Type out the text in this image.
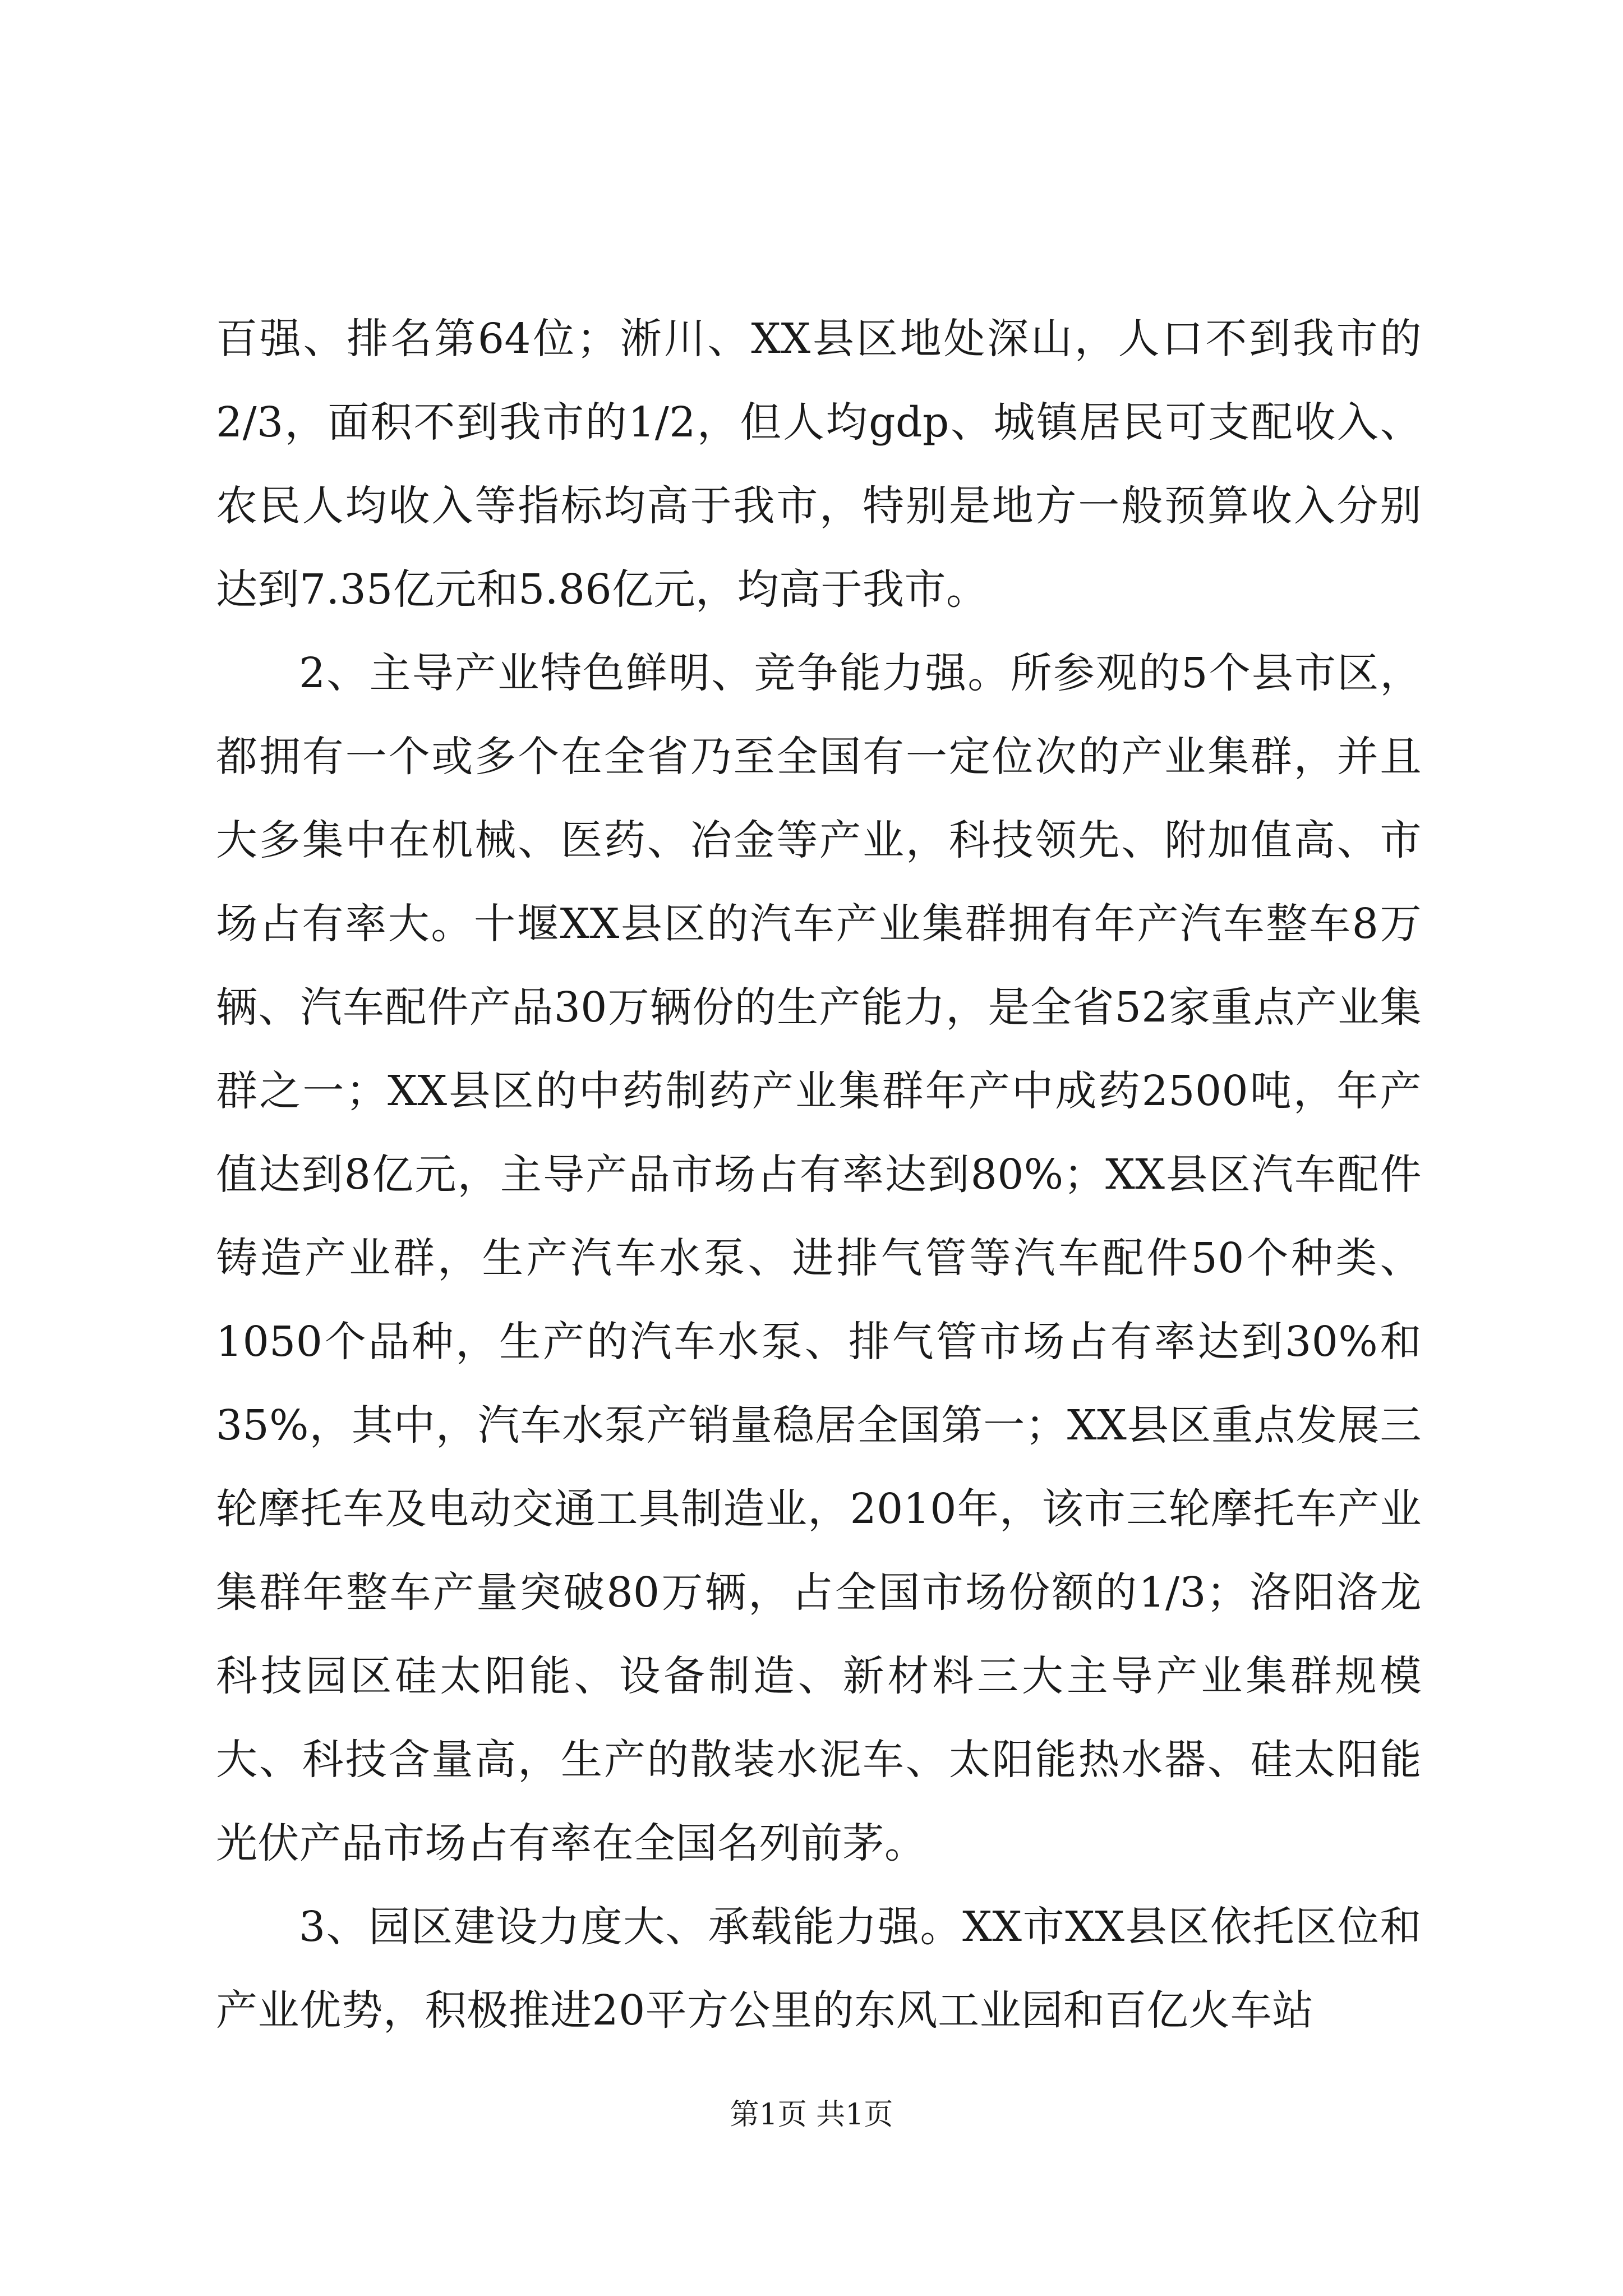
百强、排名第64位；淅川、XX县区地处深山，人口不到我市的2/3，面积不到我市的1/2，但人均gdp、城镇居民可支配收入、农民人均收入等指标均高于我市，特别是地方一般预算收入分别达到7.35亿元和5.86亿元，均高于我市。

2、主导产业特色鲜明、竞争能力强。所参观的5个县市区，都拥有一个或多个在全省乃至全国有一定位次的产业集群，并且大多集中在机械、医药、冶金等产业，科技领先、附加值高、市场占有率大。十堰XX县区的汽车产业集群拥有年产汽车整车8万辆、汽车配件产品30万辆份的生产能力，是全省52家重点产业集群之一；XX县区的中药制药产业集群年产中成药2500吨，年产值达到8亿元，主导产品市场占有率达到80%；XX县区汽车配件铸造产业群，生产汽车水泵、进排气管等汽车配件50个种类、1050个品种，生产的汽车水泵、排气管市场占有率达到30%和35%，其中，汽车水泵产销量稳居全国第一；XX县区重点发展三轮摩托车及电动交通工具制造业，2010年，该市三轮摩托车产业集群年整车产量突破80万辆，占全国市场份额的1/3；洛阳洛龙科技园区硅太阳能、设备制造、新材料三大主导产业集群规模大、科技含量高，生产的散装水泥车、太阳能热水器、硅太阳能光伏产品市场占有率在全国名列前茅。

3、园区建设力度大、承载能力强。XX市XX县区依托区位和产业优势，积极推进20平方公里的东风工业园和百亿火车站

第1页 共1页
